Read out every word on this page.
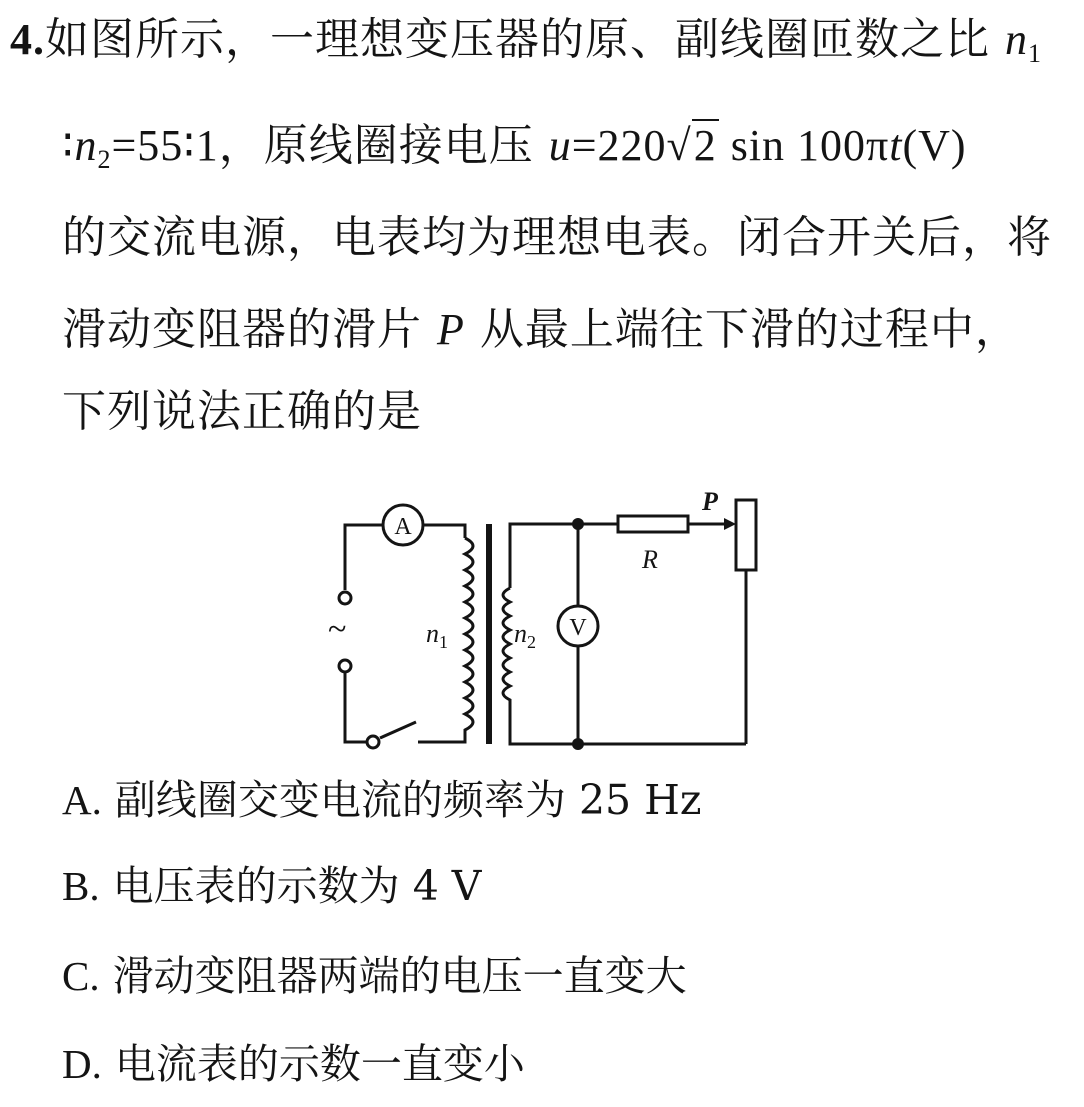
4.如图所示，一理想变压器的原、副线圈匝数之比 $n_1$
$∶n_2=55∶1$，原线圈接电压 u=220√2 sin 100πt(V)
的交流电源，电表均为理想电表。闭合开关后，将
滑动变阻器的滑片 P 从最上端往下滑的过程中，
下列说法正确的是
A
V
~
R
P
$n_1$	$n_2$
A. 副线圈交变电流的频率为 25 Hz
B. 电压表的示数为 4 V
C. 滑动变阻器两端的电压一直变大
D. 电流表的示数一直变小
